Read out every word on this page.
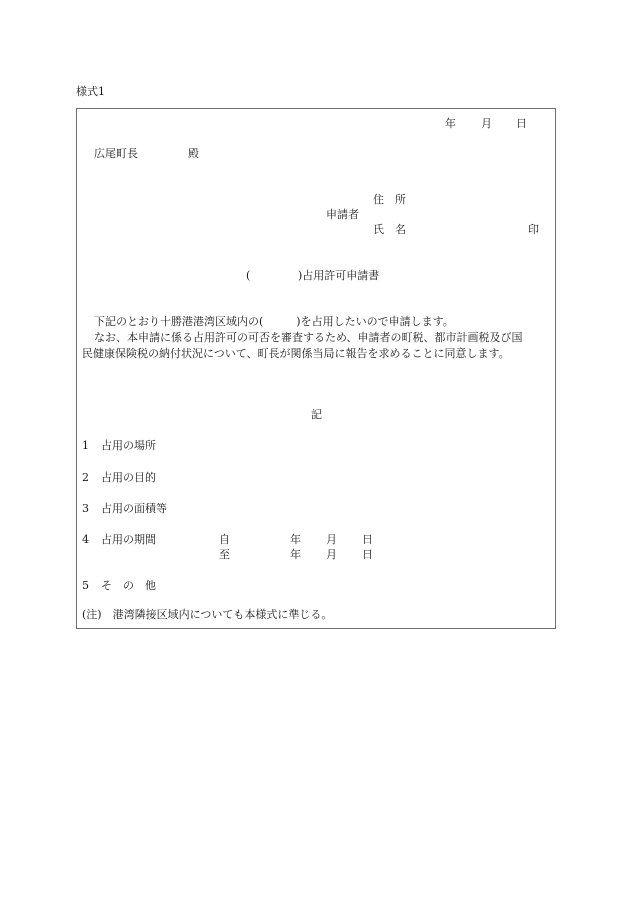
様式1
年 月 日
広尾町長	殿
住　所
申請者
氏　名	印
(	)占用許可申請書
下記のとおり十勝港港湾区域内の(　　　)を占用したいので申請します。
なお、本申請に係る占用許可の可否を審査するため、申請者の町税、都市計画税及び国
民健康保険税の納付状況について、町長が関係当局に報告を求めることに同意します。
記
1 占用の場所
2 占用の目的
3 占用の面積等
4 占用の期間	自	年 月 日
至	年 月 日
5 そ　の　他
(注)　港湾隣接区域内についても本様式に準じる。
